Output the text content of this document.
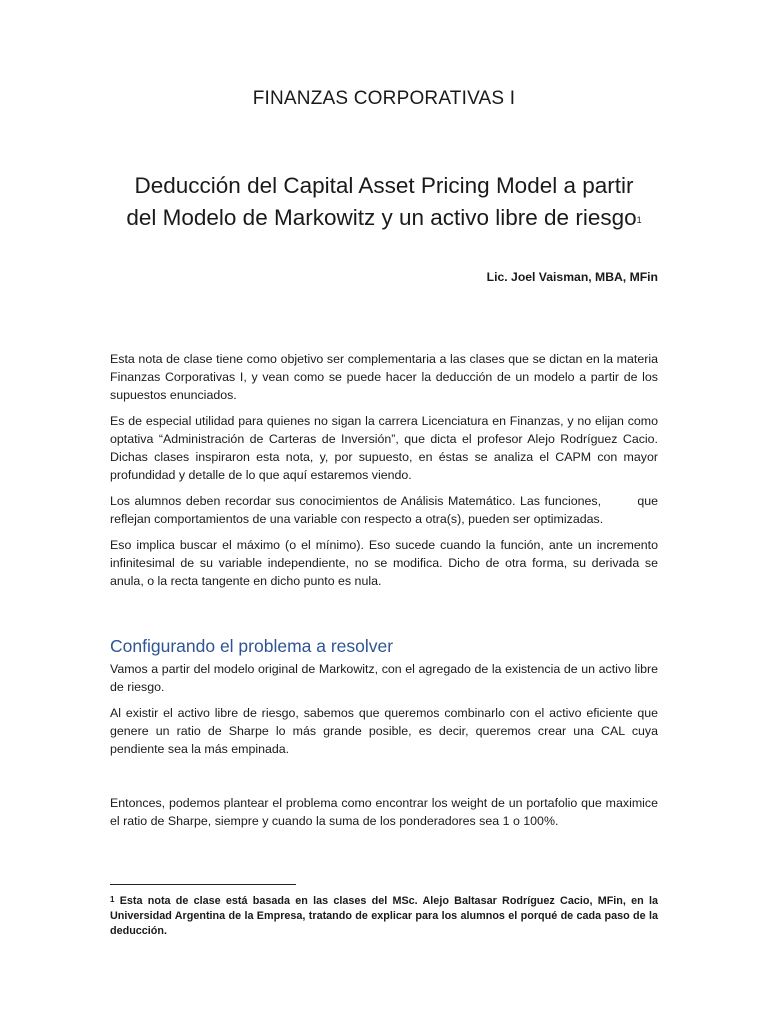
FINANZAS CORPORATIVAS I
Deducción del Capital Asset Pricing Model a partir
del Modelo de Markowitz y un activo libre de riesgo$^1$
Lic. Joel Vaisman, MBA, MFin

Esta nota de clase tiene como objetivo ser complementaria a las clases que se dictan en la materia Finanzas Corporativas I, y vean como se puede hacer la deducción de un modelo a partir de los supuestos enunciados.

Es de especial utilidad para quienes no sigan la carrera Licenciatura en Finanzas, y no elijan como optativa “Administración de Carteras de Inversión”, que dicta el profesor Alejo Rodríguez Cacio. Dichas clases inspiraron esta nota, y, por supuesto, en éstas se analiza el CAPM con mayor profundidad y detalle de lo que aquí estaremos viendo.

Los alumnos deben recordar sus conocimientos de Análisis Matemático. Las funciones,        que reflejan comportamientos de una variable con respecto a otra(s), pueden ser optimizadas.

Eso implica buscar el máximo (o el mínimo). Eso sucede cuando la función, ante un incremento infinitesimal de su variable independiente, no se modifica. Dicho de otra forma, su derivada se anula, o la recta tangente en dicho punto es nula.

Configurando el problema a resolver

Vamos a partir del modelo original de Markowitz, con el agregado de la existencia de un activo libre de riesgo.

Al existir el activo libre de riesgo, sabemos que queremos combinarlo con el activo eficiente que genere un ratio de Sharpe lo más grande posible, es decir, queremos crear una CAL cuya pendiente sea la más empinada.

Entonces, podemos plantear el problema como encontrar los weight de un portafolio que maximice el ratio de Sharpe, siempre y cuando la suma de los ponderadores sea 1 o 100%.

$^1$ Esta nota de clase está basada en las clases del MSc. Alejo Baltasar Rodríguez Cacio, MFin, en la Universidad Argentina de la Empresa, tratando de explicar para los alumnos el porqué de cada paso de la deducción.
